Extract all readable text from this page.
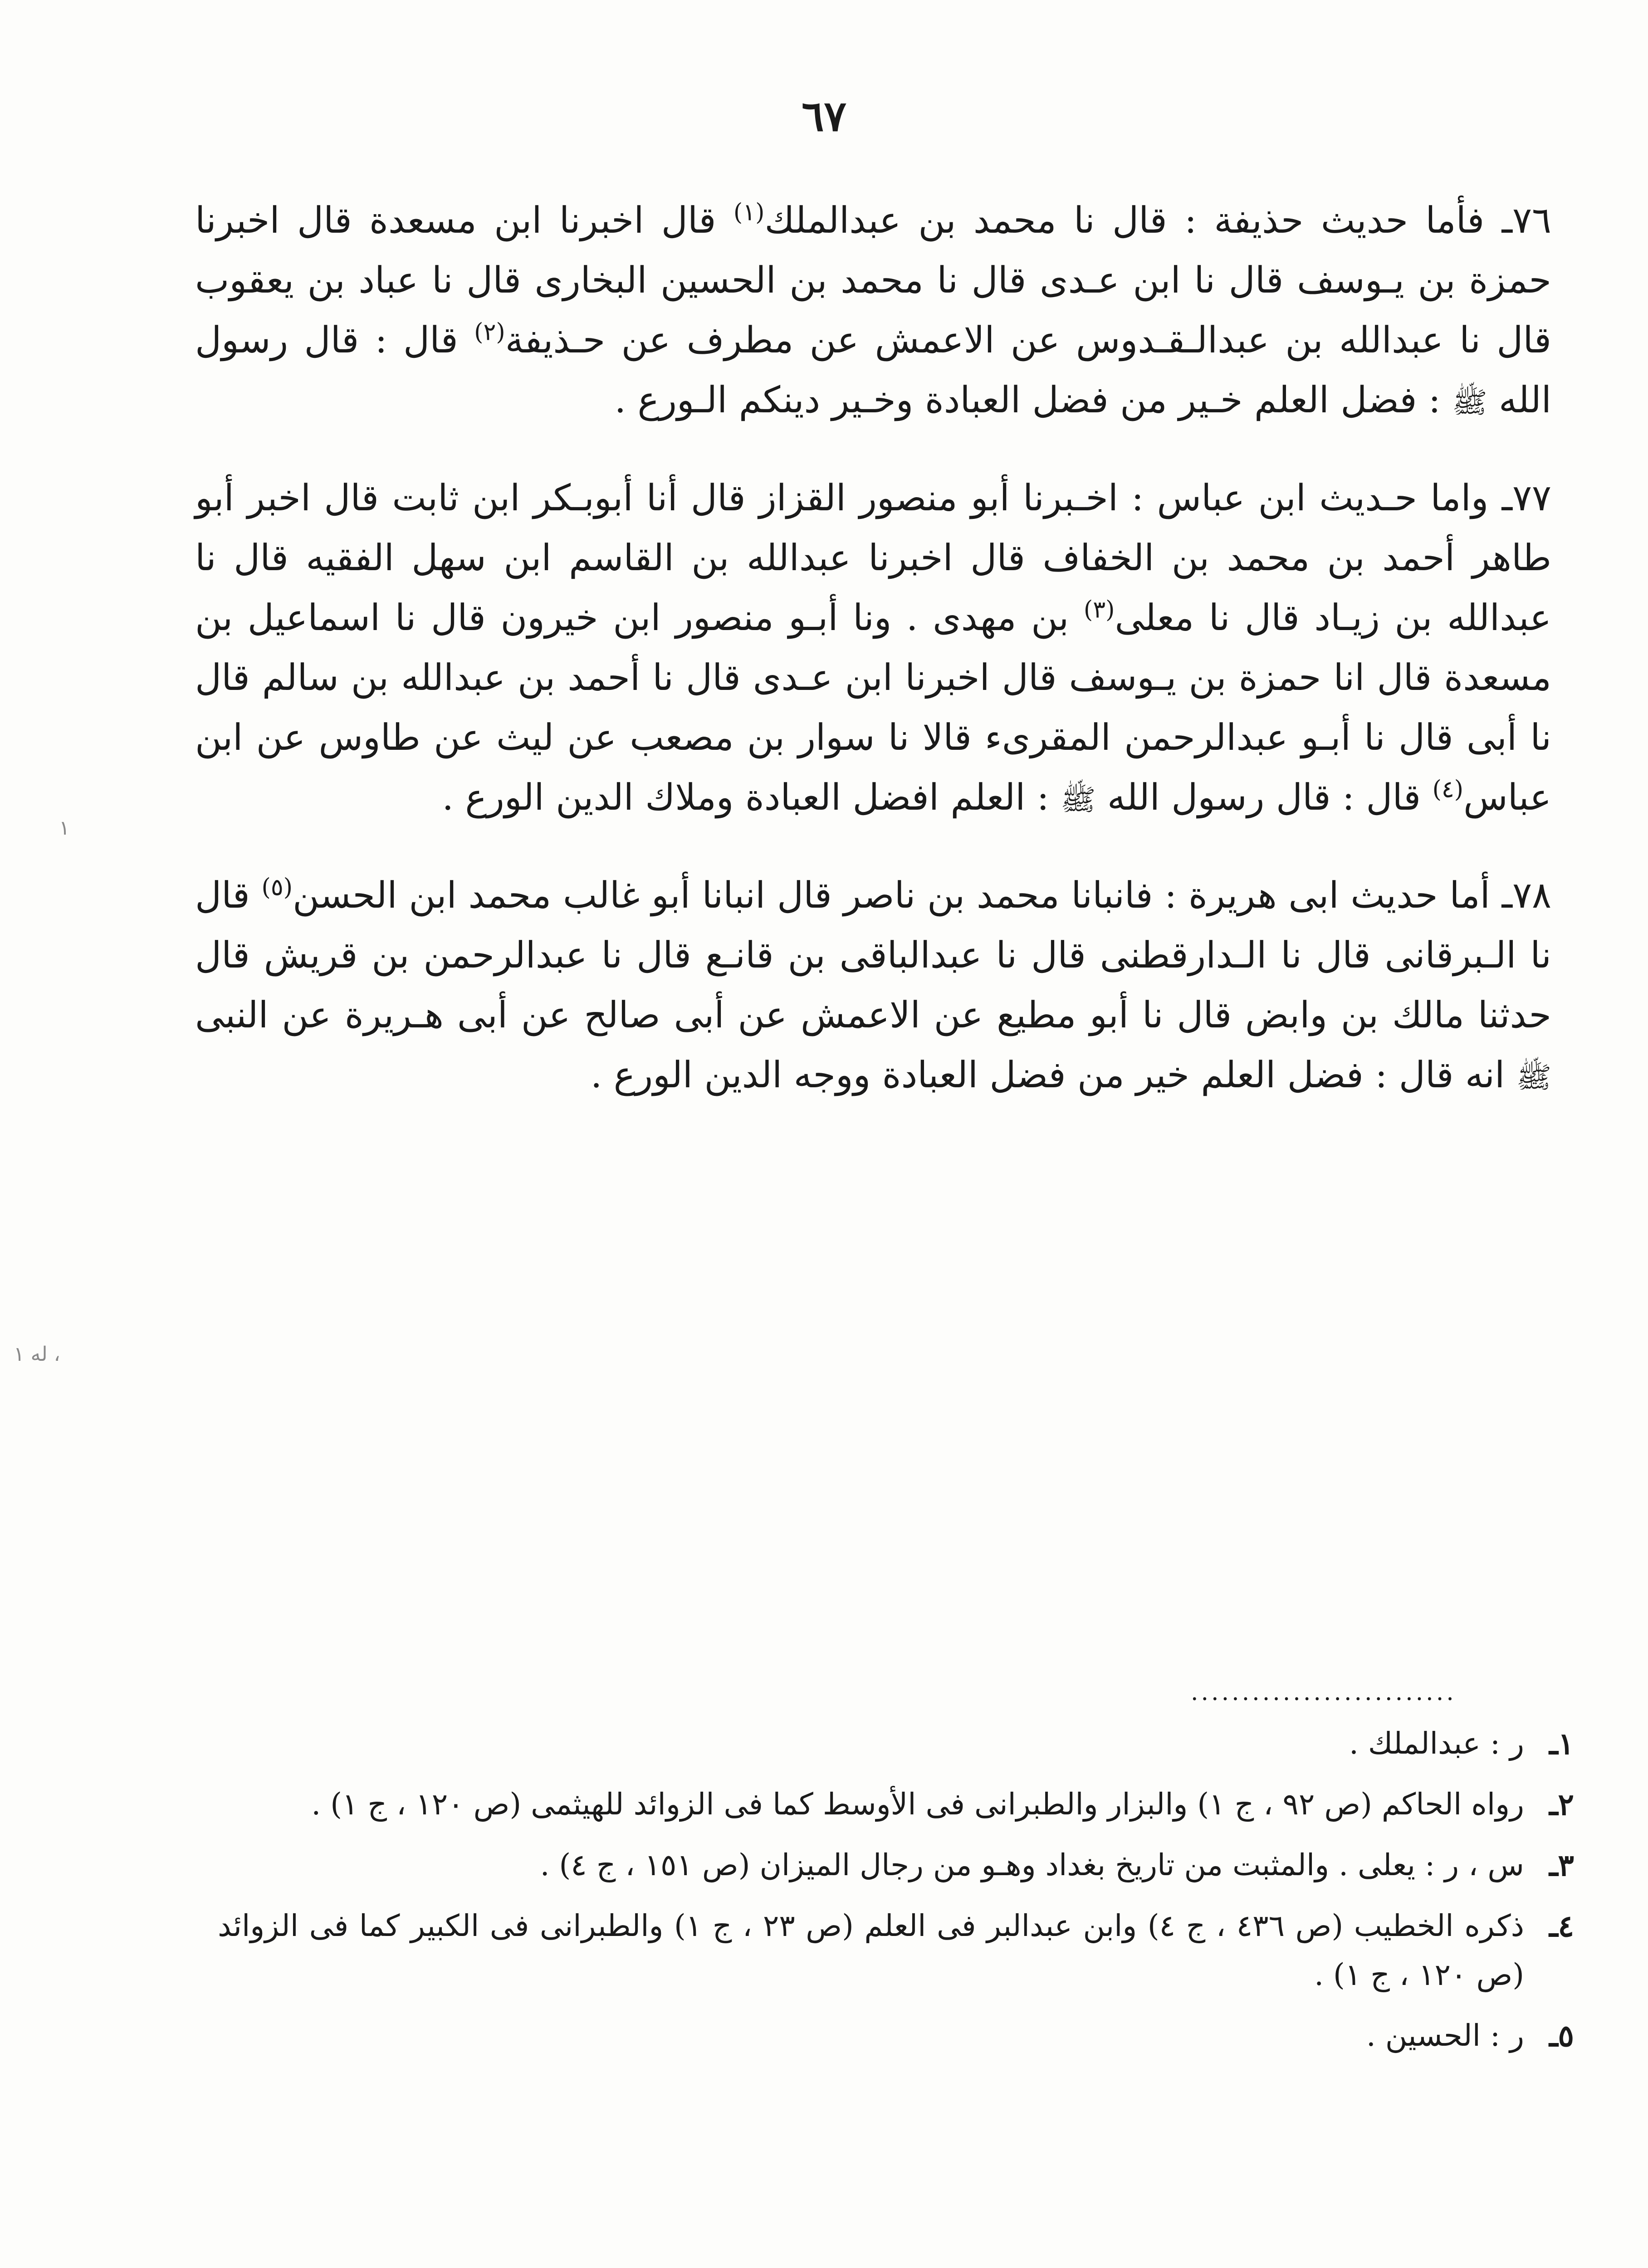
٦٧

٧٦ـ فأما حديث حذيفة : قال نا محمد بن عبدالملك$^{(١)}$ قال اخبرنا ابن مسعدة قال اخبرنا حمزة بن يـوسف قال نا ابن عـدى قال نا محمد بن الحسين البخارى قال نا عباد بن يعقوب قال نا عبدالله بن عبدالـقـدوس عن الاعمش عن مطرف عن حـذيفة$^{(٢)}$ قال : قال رسول الله ﷺ : فضل العلم خـير من فضل العبادة وخـير دينكم الـورع .

٧٧ـ واما حـديث ابن عباس : اخـبرنا أبو منصور القزاز قال أنا أبوبـكر ابن ثابت قال اخبر أبو طاهر أحمد بن محمد بن الخفاف قال اخبرنا عبدالله بن القاسم ابن سهل الفقيه قال نا عبدالله بن زيـاد قال نا معلى$^{(٣)}$ بن مهدى . ونا أبـو منصور ابن خيرون قال نا اسماعيل بن مسعدة قال انا حمزة بن يـوسف قال اخبرنا ابن عـدى قال نا أحمد بن عبدالله بن سالم قال نا أبى قال نا أبـو عبدالرحمن المقرىء قالا نا سوار بن مصعب عن ليث عن طاوس عن ابن عباس$^{(٤)}$ قال : قال رسول الله ﷺ : العلم افضل العبادة وملاك الدين الورع .

٧٨ـ أما حديث ابى هريرة : فانبانا محمد بن ناصر قال انبانا أبو غالب محمد ابن الحسن$^{(٥)}$ قال نا الـبرقانى قال نا الـدارقطنى قال نا عبدالباقى بن قانـع قال نا عبدالرحمن بن قريش قال حدثنا مالك بن وابض قال نا أبو مطيع عن الاعمش عن أبى صالح عن أبى هـريرة عن النبى ﷺ انه قال : فضل العلم خير من فضل العبادة ووجه الدين الورع .

..........................
١ـ
ر : عبدالملك .
٢ـ
رواه الحاكم (ص ٩٢ ، ج ١) والبزار والطبرانى فى الأوسط كما فى الزوائد للهيثمى (ص ١٢٠ ، ج ١) .
٣ـ
س ، ر : يعلى . والمثبت من تاريخ بغداد وهـو من رجال الميزان (ص ١٥١ ، ج ٤) .
٤ـ
ذكره الخطيب (ص ٤٣٦ ، ج ٤) وابن عبدالبر فى العلم (ص ٢٣ ، ج ١) والطبرانى فى الكبير كما فى الزوائد (ص ١٢٠ ، ج ١) .
٥ـ
ر : الحسين .
١
، له ١
